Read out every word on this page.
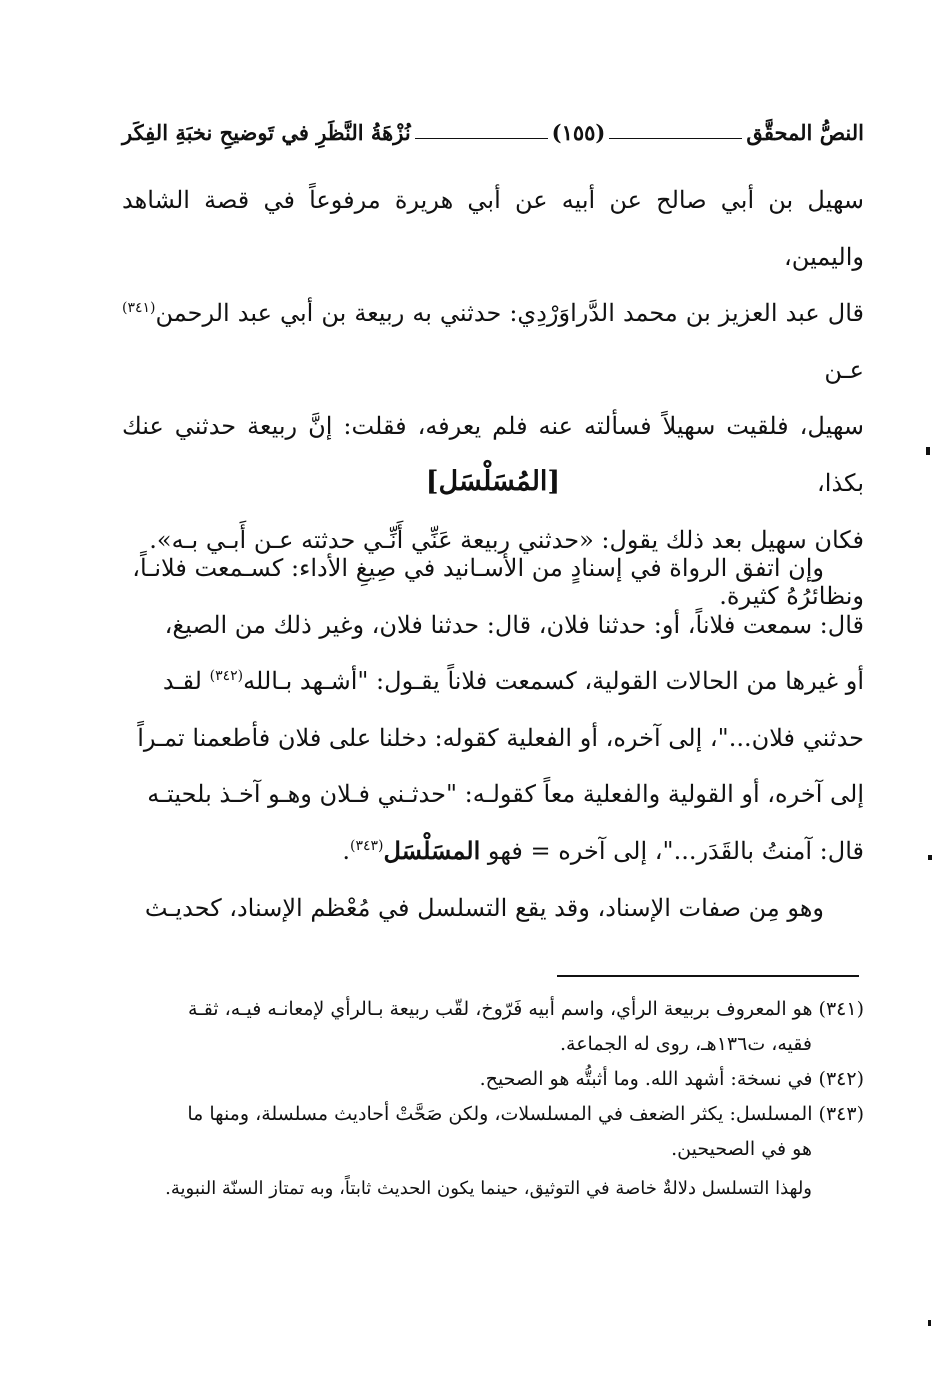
النصُّ المحقَّق
(١٥٥)
نُزْهَةُ النَّظَرِ في تَوضيحِ نخبَةِ الفِكَر

سهيل بن أبي صالح عن أبيه عن أبي هريرة مرفوعاً في قصة الشاهد واليمين،

قال عبد العزيز بن محمد الدَّراوَرْدِي: حدثني به ربيعة بن أبي عبد الرحمن$^{(٣٤١)}$ عـن

سهيل، فلقيت سهيلاً فسألته عنه فلم يعرفه، فقلت: إنَّ ربيعة حدثني عنك بكذا،

فكان سهيل بعد ذلك يقول: «حدثني ربيعة عَنِّي أَنِّـي حدثته عـن أَبـي بـه».

ونظائرُهُ كثيرة.

[المُسَلْسَل]

وإن اتفق الرواة في إسنادٍ من الأسـانيد في صِيغِ الأداء: كسـمعت فلانـاً،

قال: سمعت فلاناً، أو: حدثنا فلان، قال: حدثنا فلان، وغير ذلك من الصيغ،

أو غيرها من الحالات القولية، كسمعت فلاناً يقـول: "أشـهد بـالله$^{(٣٤٢)}$ لقـد

حدثني فلان..."، إلى آخره، أو الفعلية كقوله: دخلنا على فلان فأطعمنا تمـراً

إلى آخره، أو القولية والفعلية معاً كقولـه: "حدثـني فـلان وهـو آخـذ بلحيتـه

قال: آمنتُ بالقَدَر..."، إلى آخره = فهو المسَلْسَل$^{(٣٤٣)}$.

وهو مِن صفات الإسناد، وقد يقع التسلسل في مُعْظم الإسناد، كحديـث

(٣٤١) هو المعروف بربيعة الرأي، واسم أبيه فَرّوخ، لقّب ربيعة بـالرأي لإمعانـه فيـه، ثقـة

فقيه، ت١٣٦هـ، روى له الجماعة.

(٣٤٢) في نسخة: أشهد الله. وما أثبتُّه هو الصحيح.

(٣٤٣) المسلسل: يكثر الضعف في المسلسلات، ولكن صَحَّتْ أحاديث مسلسلة، ومنها ما

هو في الصحيحين.

ولهذا التسلسل دلالةٌ خاصة في التوثيق، حينما يكون الحديث ثابتاً، وبه تمتاز السنّة النبوية.
